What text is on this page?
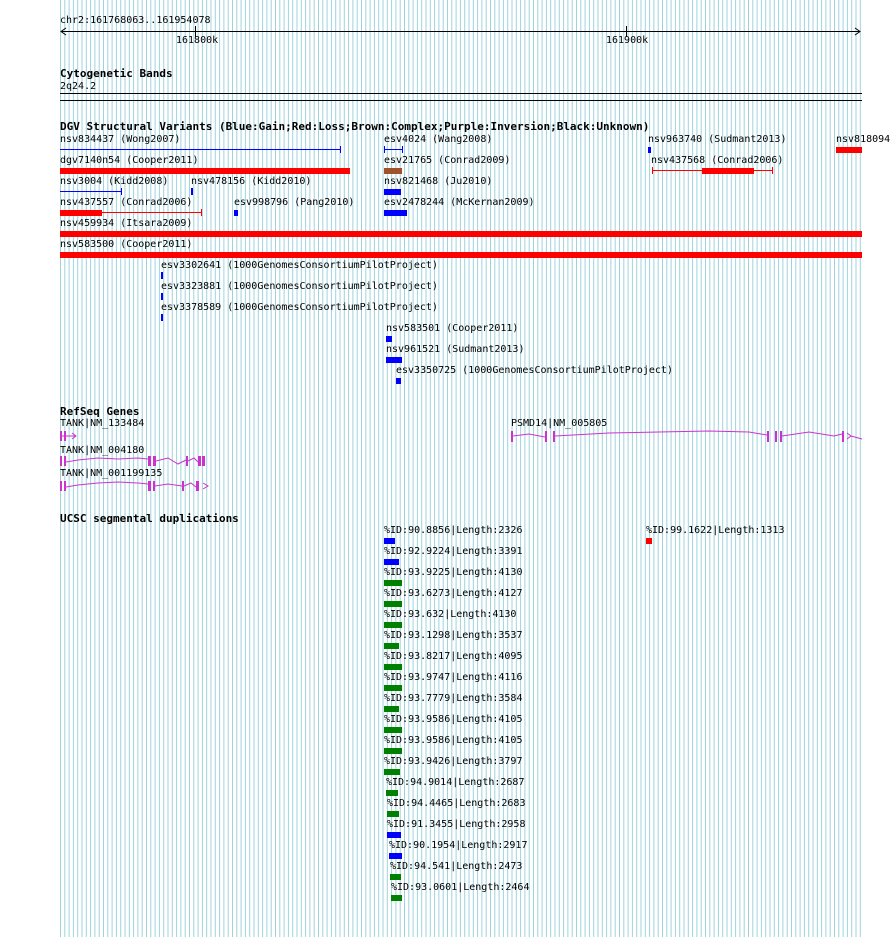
chr2:161768063..161954078
161800k	161900k
Cytogenetic Bands
2q24.2
DGV Structural Variants (Blue:Gain;Red:Loss;Brown:Complex;Purple:Inversion;Black:Unknown)
nsv834437 (Wong2007)
dgv7140n54 (Cooper2011)
nsv3004 (Kidd2008) nsv478156 (Kidd2010)
nsv437557 (Conrad2006)	esv998796 (Pang2010)
nsv459934 (Itsara2009)
nsv583500 (Cooper2011)
esv3302641 (1000GenomesConsortiumPilotProject)
esv3323881 (1000GenomesConsortiumPilotProject)
esv3378589 (1000GenomesConsortiumPilotProject)
esv4024 (Wang2008)
esv21765 (Conrad2009)
nsv821468 (Ju2010)
esv2478244 (McKernan2009)
nsv583501 (Cooper2011)
nsv961521 (Sudmant2013)
esv3350725 (1000GenomesConsortiumPilotProject)
nsv963740 (Sudmant2013)
nsv437568 (Conrad2006)
nsv818094
RefSeq Genes
TANK|NM_133484
TANK|NM_004180
TANK|NM_001199135
PSMD14|NM_005805
UCSC segmental duplications
%ID:90.8856|Length:2326	%ID:99.1622|Length:1313
%ID:92.9224|Length:3391
%ID:93.9225|Length:4130
%ID:93.6273|Length:4127
%ID:93.632|Length:4130
%ID:93.1298|Length:3537
%ID:93.8217|Length:4095
%ID:93.9747|Length:4116
%ID:93.7779|Length:3584
%ID:93.9586|Length:4105
%ID:93.9586|Length:4105
%ID:93.9426|Length:3797
%ID:94.9014|Length:2687
%ID:94.4465|Length:2683
%ID:91.3455|Length:2958
%ID:90.1954|Length:2917
%ID:94.541|Length:2473
%ID:93.0601|Length:2464
